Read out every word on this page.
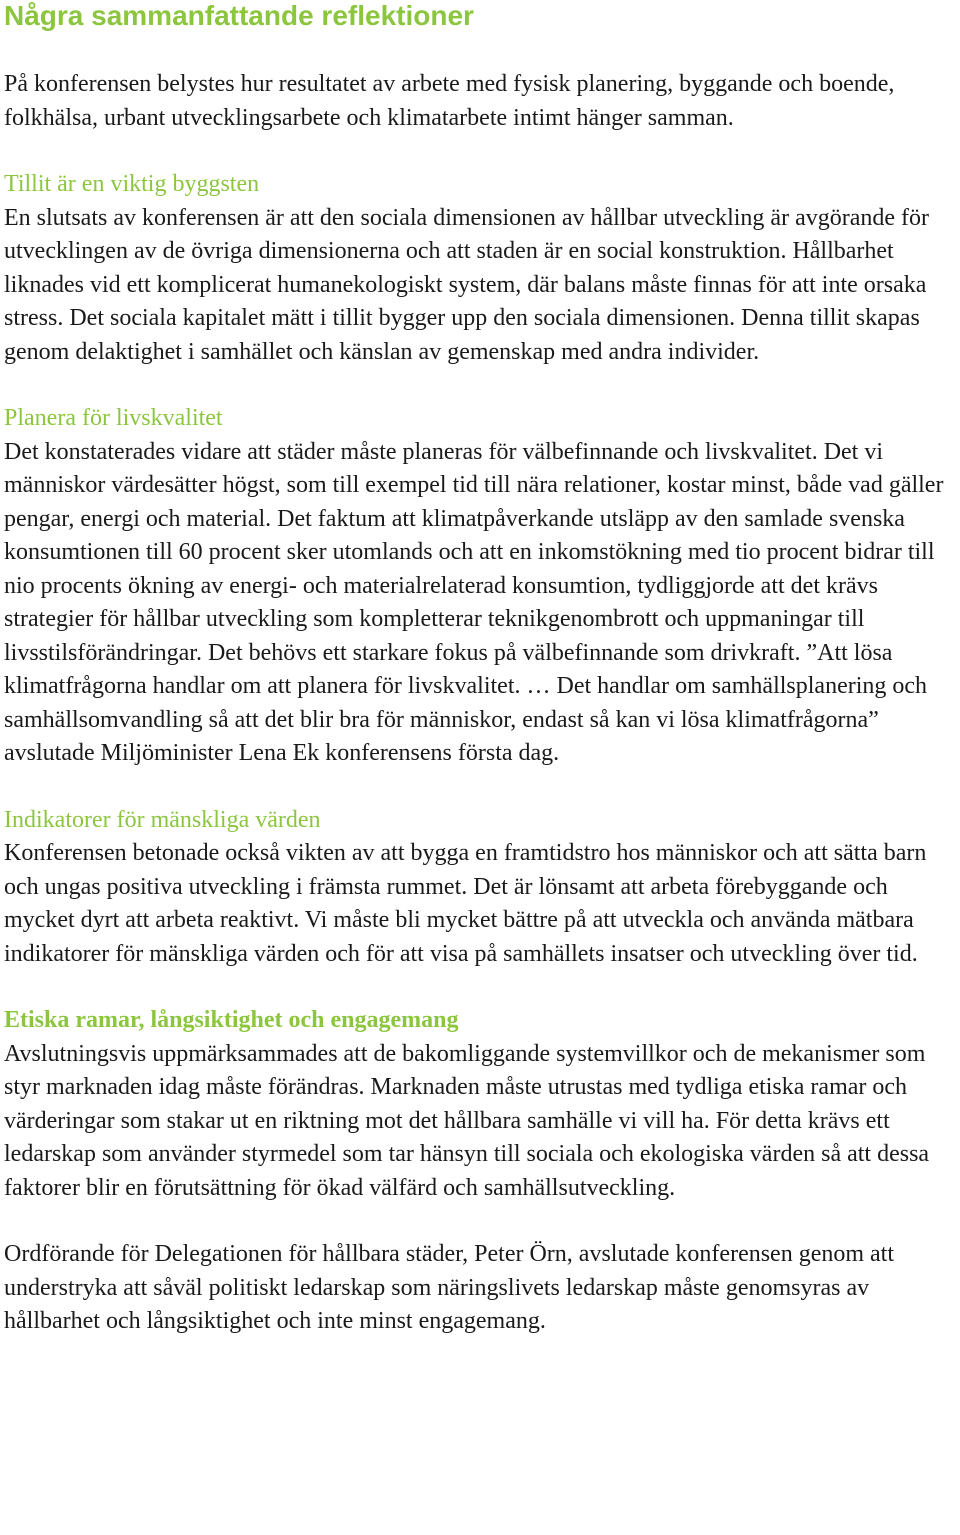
Några sammanfattande reflektioner

På konferensen belystes hur resultatet av arbete med fysisk planering, byggande och boende, folkhälsa, urbant utvecklingsarbete och klimatarbete intimt hänger samman.

Tillit är en viktig byggsten

En slutsats av konferensen är att den sociala dimensionen av hållbar utveckling är avgörande för utvecklingen av de övriga dimensionerna och att staden är en social konstruktion. Hållbarhet liknades vid ett komplicerat humanekologiskt system, där balans måste finnas för att inte orsaka stress. Det sociala kapitalet mätt i tillit bygger upp den sociala dimensionen. Denna tillit skapas genom delaktighet i samhället och känslan av gemenskap med andra individer.

Planera för livskvalitet

Det konstaterades vidare att städer måste planeras för välbefinnande och livskvalitet. Det vi människor värdesätter högst, som till exempel tid till nära relationer, kostar minst, både vad gäller pengar, energi och material. Det faktum att klimatpåverkande utsläpp av den samlade svenska konsumtionen till 60 procent sker utomlands och att en inkomstökning med tio procent bidrar till nio procents ökning av energi- och materialrelaterad konsumtion, tydliggjorde att det krävs strategier för hållbar utveckling som kompletterar teknikgenombrott och uppmaningar till livsstilsförändringar. Det behövs ett starkare fokus på välbefinnande som drivkraft. ”Att lösa klimatfrågorna handlar om att planera för livskvalitet. … Det handlar om samhällsplanering och samhällsomvandling så att det blir bra för människor, endast så kan vi lösa klimatfrågorna” avslutade Miljöminister Lena Ek konferensens första dag.

Indikatorer för mänskliga värden

Konferensen betonade också vikten av att bygga en framtidstro hos människor och att sätta barn och ungas positiva utveckling i främsta rummet. Det är lönsamt att arbeta förebyggande och mycket dyrt att arbeta reaktivt. Vi måste bli mycket bättre på att utveckla och använda mätbara indikatorer för mänskliga värden och för att visa på samhällets insatser och utveckling över tid.

Etiska ramar, långsiktighet och engagemang

Avslutningsvis uppmärksammades att de bakomliggande systemvillkor och de mekanismer som styr marknaden idag måste förändras. Marknaden måste utrustas med tydliga etiska ramar och värderingar som stakar ut en riktning mot det hållbara samhälle vi vill ha. För detta krävs ett ledarskap som använder styrmedel som tar hänsyn till sociala och ekologiska värden så att dessa faktorer blir en förutsättning för ökad välfärd och samhällsutveckling.

Ordförande för Delegationen för hållbara städer, Peter Örn, avslutade konferensen genom att understryka att såväl politiskt ledarskap som näringslivets ledarskap måste genomsyras av hållbarhet och långsiktighet och inte minst engagemang.
